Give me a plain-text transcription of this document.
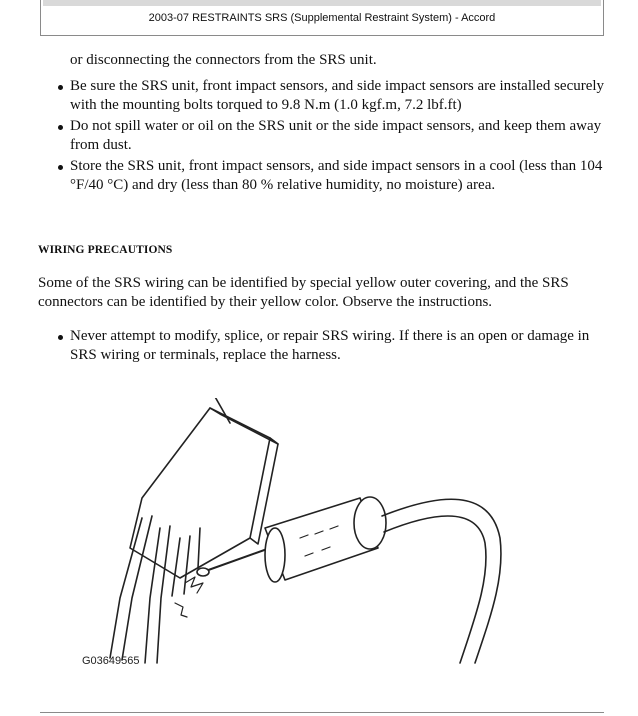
2003-07 RESTRAINTS SRS (Supplemental Restraint System) - Accord
or disconnecting the connectors from the SRS unit.
Be sure the SRS unit, front impact sensors, and side impact sensors are installed securely with the mounting bolts torqued to 9.8 N.m (1.0 kgf.m, 7.2 lbf.ft)
Do not spill water or oil on the SRS unit or the side impact sensors, and keep them away from dust.
Store the SRS unit, front impact sensors, and side impact sensors in a cool (less than 104 °F/40 °C) and dry (less than 80 % relative humidity, no moisture) area.
WIRING PRECAUTIONS
Some of the SRS wiring can be identified by special yellow outer covering, and the SRS connectors can be identified by their yellow color. Observe the instructions.
Never attempt to modify, splice, or repair SRS wiring. If there is an open or damage in SRS wiring or terminals, replace the harness.
G03649565
